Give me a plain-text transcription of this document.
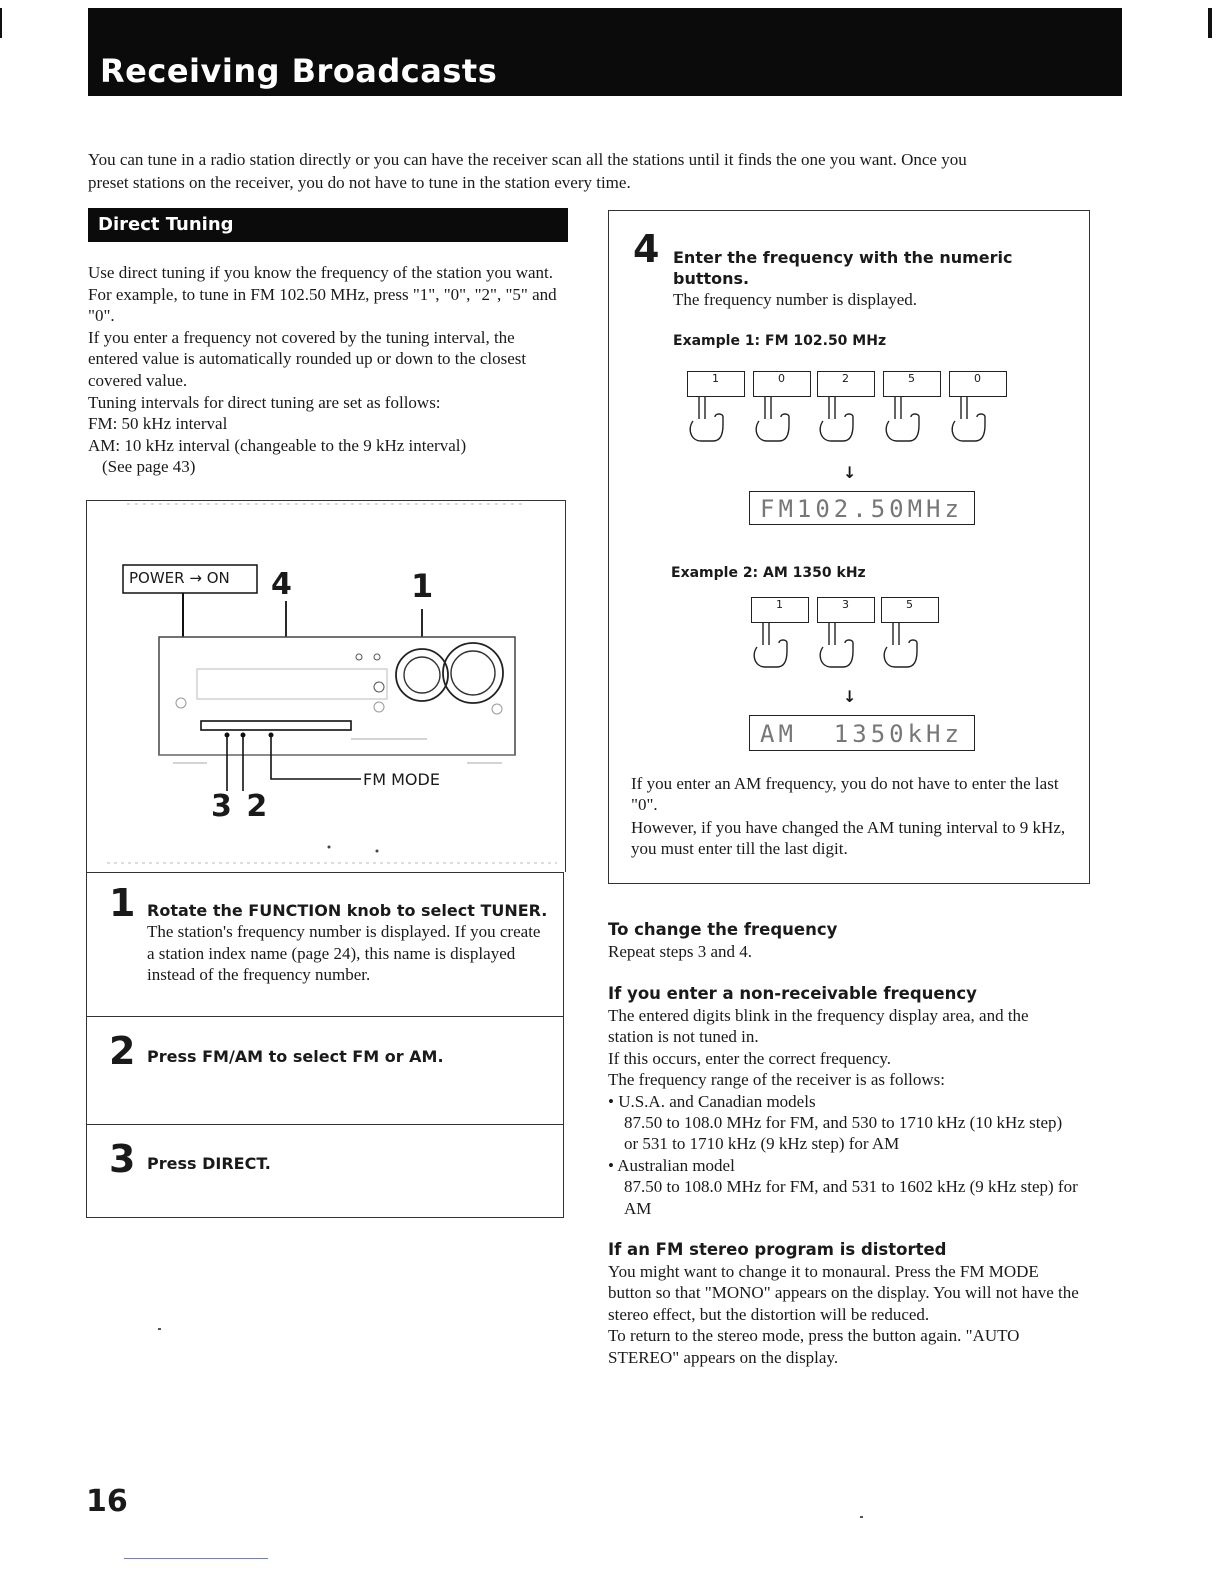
Receiving Broadcasts

You can tune in a radio station directly or you can have the receiver scan all the stations until it finds the one you want. Once you preset stations on the receiver, you do not have to tune in the station every time.

Direct Tuning

Use direct tuning if you know the frequency of the station you want. For example, to tune in FM 102.50 MHz, press "1", "0", "2", "5" and "0".

If you enter a frequency not covered by the tuning interval, the entered value is automatically rounded up or down to the closest covered value.

Tuning intervals for direct tuning are set as follows:

FM: 50 kHz interval

AM: 10 kHz interval (changeable to the 9 kHz interval)

(See page 43)

POWER → ON 4	1
3 2
FM MODE
1 Rotate the FUNCTION knob to select TUNER.
The station's frequency number is displayed. If you create a station index name (page 24), this name is displayed instead of the frequency number.
2 Press FM/AM to select FM or AM.
3 Press DIRECT.
4 Enter the frequency with the numeric buttons.
The frequency number is displayed.
Example 1: FM 102.50 MHz
1	0	2	5	0
↓
FM102.50MHz
Example 2: AM 1350 kHz
1	3	5
↓
AM  1350kHz

If you enter an AM frequency, you do not have to enter the last "0".

However, if you have changed the AM tuning interval to 9 kHz, you must enter till the last digit.

To change the frequency

Repeat steps 3 and 4.

If you enter a non-receivable frequency

The entered digits blink in the frequency display area, and the station is not tuned in.

If this occurs, enter the correct frequency.

The frequency range of the receiver is as follows:

• U.S.A. and Canadian models

87.50 to 108.0 MHz for FM, and 530 to 1710 kHz (10 kHz step) or 531 to 1710 kHz (9 kHz step) for AM

• Australian model

87.50 to 108.0 MHz for FM, and 531 to 1602 kHz (9 kHz step) for AM

If an FM stereo program is distorted

You might want to change it to monaural. Press the FM MODE button so that "MONO" appears on the display. You will not have the stereo effect, but the distortion will be reduced.

To return to the stereo mode, press the button again. "AUTO STEREO" appears on the display.

16
